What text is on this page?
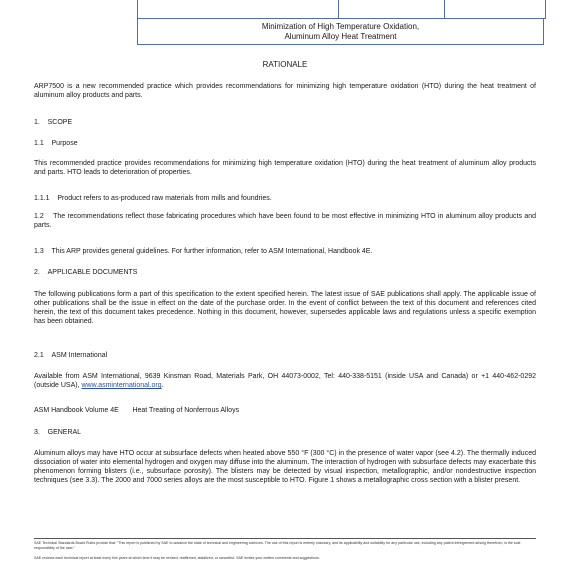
Minimization of High Temperature Oxidation,
Aluminum Alloy Heat Treatment
RATIONALE
ARP7500 is a new recommended practice which provides recommendations for minimizing high temperature oxidation (HTO) during the heat treatment of aluminum alloy products and parts.
1. SCOPE
1.1 Purpose
This recommended practice provides recommendations for minimizing high temperature oxidation (HTO) during the heat treatment of aluminum alloy products and parts. HTO leads to deterioration of properties.
1.1.1 Product refers to as-produced raw materials from mills and foundries.
1.2 The recommendations reflect those fabricating procedures which have been found to be most effective in minimizing HTO in aluminum alloy products and parts.
1.3 This ARP provides general guidelines. For further information, refer to ASM International, Handbook 4E.
2. APPLICABLE DOCUMENTS
The following publications form a part of this specification to the extent specified herein. The latest issue of SAE publications shall apply. The applicable issue of other publications shall be the issue in effect on the date of the purchase order. In the event of conflict between the text of this document and references cited herein, the text of this document takes precedence. Nothing in this document, however, supersedes applicable laws and regulations unless a specific exemption has been obtained.
2.1 ASM International
Available from ASM International, 9639 Kinsman Road, Materials Park, OH 44073-0002, Tel: 440-338-5151 (inside USA and Canada) or +1 440-462-0292 (outside USA), www.asminternational.org.
ASM Handbook Volume 4E Heat Treating of Nonferrous Alloys
3. GENERAL
Aluminum alloys may have HTO occur at subsurface defects when heated above 550 °F (300 °C) in the presence of water vapor (see 4.2). The thermally induced dissociation of water into elemental hydrogen and oxygen may diffuse into the aluminum. The interaction of hydrogen with subsurface defects may exacerbate this phenomenon forming blisters (i.e., subsurface porosity). The blisters may be detected by visual inspection, metallographic, and/or nondestructive inspection techniques (see 3.3). The 2000 and 7000 series alloys are the most susceptible to HTO. Figure 1 shows a metallographic cross section with a blister present.
SAE Technical Standards Board Rules provide that: "This report is published by SAE to advance the state of technical and engineering sciences. The use of this report is entirely voluntary, and its applicability and suitability for any particular use, including any patent infringement arising therefrom, is the sole responsibility of the user."
SAE reviews each technical report at least every five years at which time it may be revised, reaffirmed, stabilized, or cancelled. SAE invites your written comments and suggestions.
